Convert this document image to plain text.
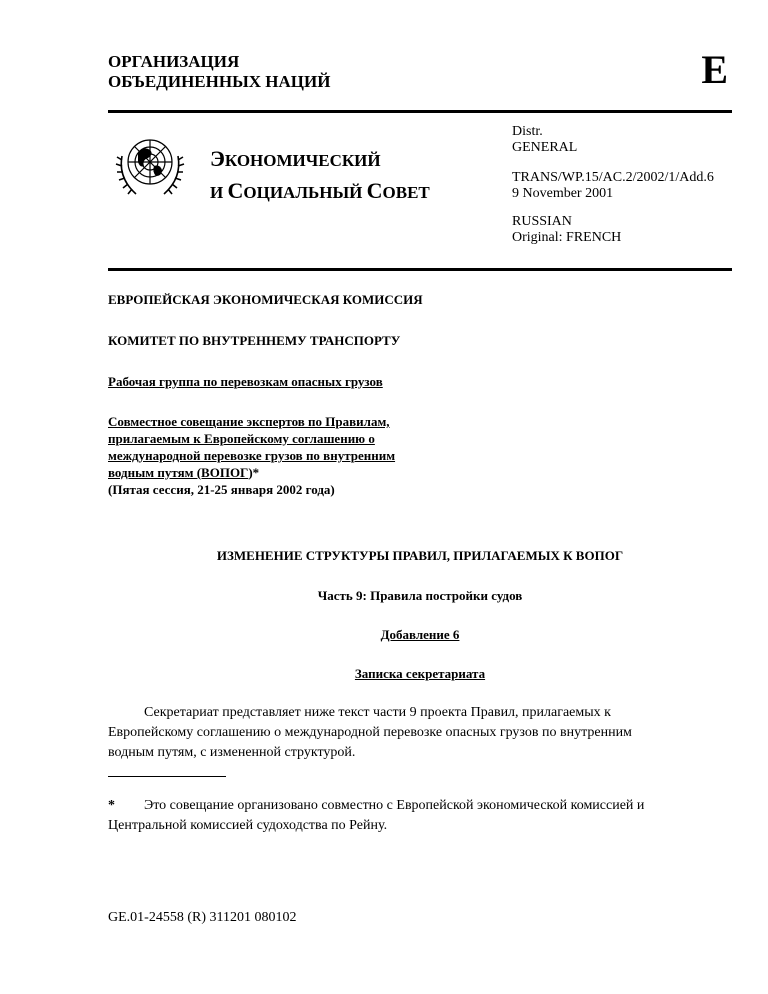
ОРГАНИЗАЦИЯ
ОБЪЕДИНЕННЫХ НАЦИЙ	E
ЭКОНОМИЧЕСКИЙ
И СОЦИАЛЬНЫЙ СОВЕТ
Distr.
GENERAL
TRANS/WP.15/AC.2/2002/1/Add.6
9 November 2001
RUSSIAN
Original: FRENCH
ЕВРОПЕЙСКАЯ ЭКОНОМИЧЕСКАЯ КОМИССИЯ
КОМИТЕТ ПО ВНУТРЕННЕМУ ТРАНСПОРТУ
Рабочая группа по перевозкам опасных грузов
Совместное совещание экспертов по Правилам,
прилагаемым к Европейскому соглашению о
международной перевозке грузов по внутренним
водным путям (ВОПОГ)*
(Пятая сессия, 21-25 января 2002 года)
ИЗМЕНЕНИЕ СТРУКТУРЫ ПРАВИЛ, ПРИЛАГАЕМЫХ К ВОПОГ
Часть 9: Правила постройки судов
Добавление 6
Записка секретариата
Секретариат представляет ниже текст части 9 проекта Правил, прилагаемых к
Европейскому соглашению о международной перевозке опасных грузов по внутренним
водным путям, с измененной структурой.
* Это совещание организовано совместно с Европейской экономической комиссией и
Центральной комиссией судоходства по Рейну.
GE.01-24558 (R) 311201 080102
